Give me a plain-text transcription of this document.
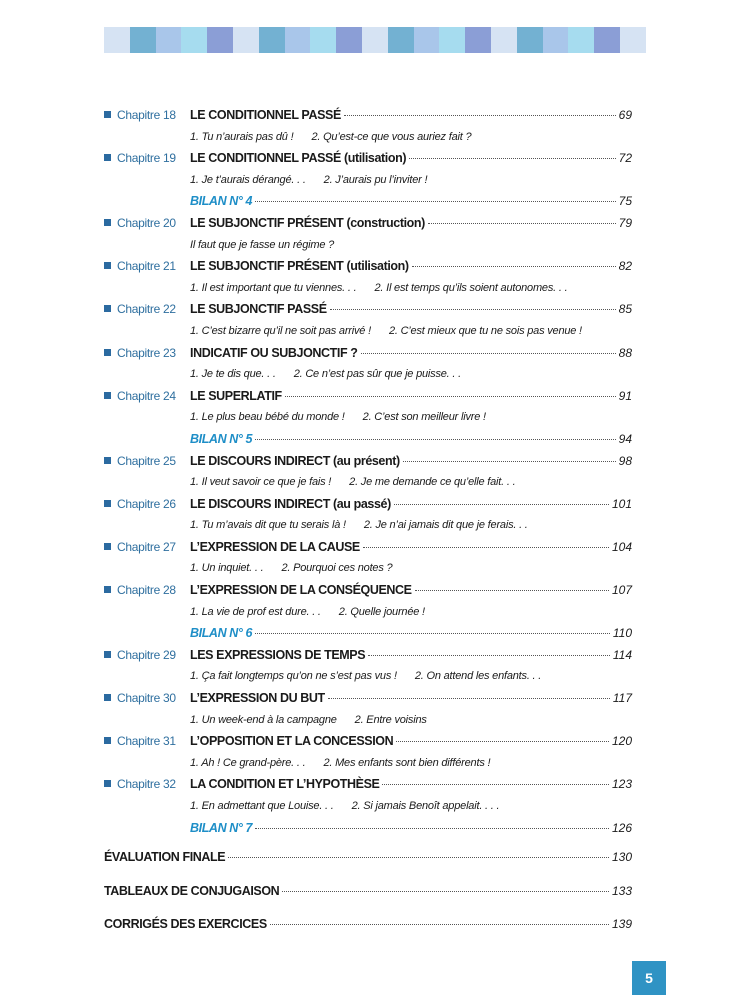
Chapitre 18	LE CONDITIONNEL PASSÉ	69
1. Tu n’aurais pas dû ! 2. Qu’est-ce que vous auriez fait ?
Chapitre 19	LE CONDITIONNEL PASSÉ (utilisation)	72
1. Je t’aurais dérangé. . . 2. J’aurais pu l’inviter !
BILAN N° 4	75
Chapitre 20	LE SUBJONCTIF PRÉSENT (construction)	79
Il faut que je fasse un régime ?
Chapitre 21	LE SUBJONCTIF PRÉSENT (utilisation)	82
1. Il est important que tu viennes. . . 2. Il est temps qu’ils soient autonomes. . .
Chapitre 22	LE SUBJONCTIF PASSÉ	85
1. C’est bizarre qu’il ne soit pas arrivé ! 2. C’est mieux que tu ne sois pas venue !
Chapitre 23	INDICATIF OU SUBJONCTIF ?	88
1. Je te dis que. . . 2. Ce n’est pas sûr que je puisse. . .
Chapitre 24	LE SUPERLATIF	91
1. Le plus beau bébé du monde ! 2. C’est son meilleur livre !
BILAN N° 5	94
Chapitre 25	LE DISCOURS INDIRECT (au présent)	98
1. Il veut savoir ce que je fais ! 2. Je me demande ce qu’elle fait. . .
Chapitre 26	LE DISCOURS INDIRECT (au passé)	101
1. Tu m’avais dit que tu serais là ! 2. Je n’ai jamais dit que je ferais. . .
Chapitre 27	L’EXPRESSION DE LA CAUSE	104
1. Un inquiet. . . 2. Pourquoi ces notes ?
Chapitre 28	L’EXPRESSION DE LA CONSÉQUENCE	107
1. La vie de prof est dure. . . 2. Quelle journée !
BILAN N° 6	110
Chapitre 29	LES EXPRESSIONS DE TEMPS	114
1. Ça fait longtemps qu’on ne s’est pas vus ! 2. On attend les enfants. . .
Chapitre 30	L’EXPRESSION DU BUT	117
1. Un week-end à la campagne 2. Entre voisins
Chapitre 31	L’OPPOSITION ET LA CONCESSION	120
1. Ah ! Ce grand-père. . . 2. Mes enfants sont bien différents !
Chapitre 32	LA CONDITION ET L’HYPOTHÈSE	123
1. En admettant que Louise. . . 2. Si jamais Benoît appelait. . . .
BILAN N° 7	126
ÉVALUATION FINALE	130
TABLEAUX DE CONJUGAISON	133
CORRIGÉS DES EXERCICES	139
5
